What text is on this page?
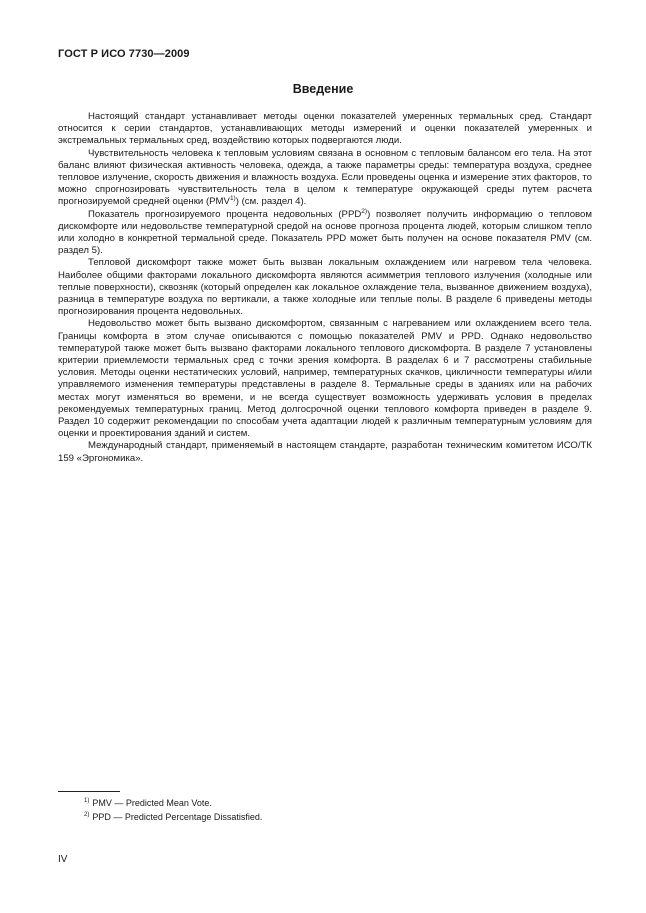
ГОСТ Р ИСО 7730—2009
Введение

Настоящий стандарт устанавливает методы оценки показателей умеренных термальных сред. Стандарт относится к серии стандартов, устанавливающих методы измерений и оценки показателей умеренных и экстремальных термальных сред, воздействию которых подвергаются люди.

Чувствительность человека к тепловым условиям связана в основном с тепловым балансом его тела. На этот баланс влияют физическая активность человека, одежда, а также параметры среды: температура воздуха, среднее тепловое излучение, скорость движения и влажность воздуха. Если проведены оценка и измерение этих факторов, то можно спрогнозировать чувствительность тела в целом к температуре окружающей среды путем расчета прогнозируемой средней оценки (PMV$^{1)}$) (см. раздел 4).

Показатель прогнозируемого процента недовольных (PPD$^{2)}$) позволяет получить информацию о тепловом дискомфорте или недовольстве температурной средой на основе прогноза процента людей, которым слишком тепло или холодно в конкретной термальной среде. Показатель PPD может быть получен на основе показателя PMV (см. раздел 5).

Тепловой дискомфорт также может быть вызван локальным охлаждением или нагревом тела человека. Наиболее общими факторами локального дискомфорта являются асимметрия теплового излучения (холодные или теплые поверхности), сквозняк (который определен как локальное охлаждение тела, вызванное движением воздуха), разница в температуре воздуха по вертикали, а также холодные или теплые полы. В разделе 6 приведены методы прогнозирования процента недовольных.

Недовольство может быть вызвано дискомфортом, связанным с нагреванием или охлаждением всего тела. Границы комфорта в этом случае описываются с помощью показателей PMV и PPD. Однако недовольство температурой также может быть вызвано факторами локального теплового дискомфорта. В разделе 7 установлены критерии приемлемости термальных сред с точки зрения комфорта. В разделах 6 и 7 рассмотрены стабильные условия. Методы оценки нестатических условий, например, температурных скачков, цикличности температуры и/или управляемого изменения температуры представлены в разделе 8. Термальные среды в зданиях или на рабочих местах могут изменяться во времени, и не всегда существует возможность удерживать условия в пределах рекомендуемых температурных границ. Метод долгосрочной оценки теплового комфорта приведен в разделе 9. Раздел 10 содержит рекомендации по способам учета адаптации людей к различным температурным условиям для оценки и проектирования зданий и систем.

Международный стандарт, применяемый в настоящем стандарте, разработан техническим комитетом ИСО/ТК 159 «Эргономика».

$^{1)}$ PMV — Predicted Mean Vote.
$^{2)}$ PPD — Predicted Percentage Dissatisfied.
IV
